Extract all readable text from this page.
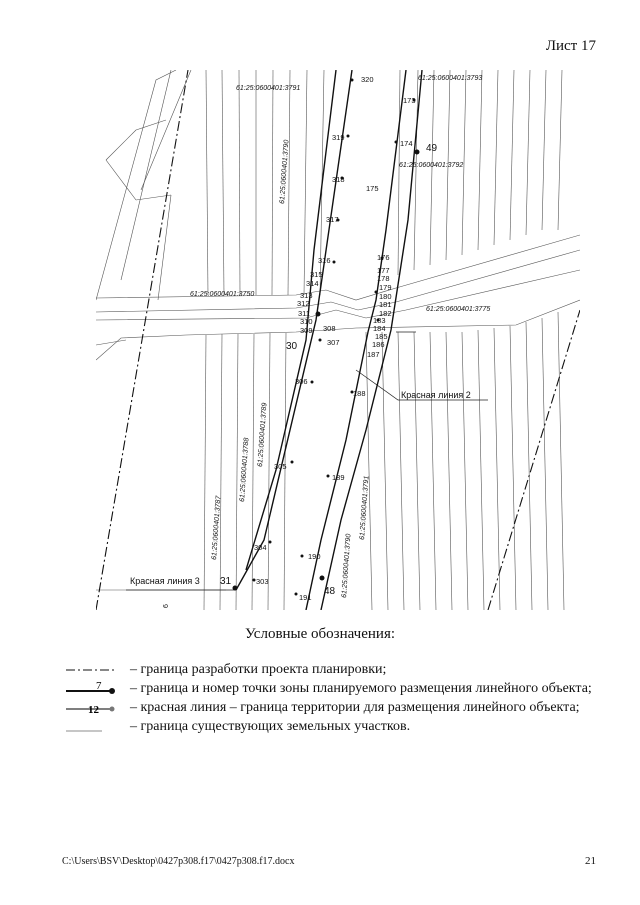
Лист 17
61:25:0600401:3791
61:25:0600401:3793
61:25:0600401:3790	61:25:0600401:3792
61:25:0600401:3750
61:25:0600401:3775
61:25:0600401:3789
61:25:0600401:3788
61:25:0600401:3787	61:25:0600401:3791
61:25:0600401:3790
320
319
318
317
316
315
314
313
312
311
310
309 308
307
306
305
304
303
173
174
175
176
177
178
179
180
181
182
183
184
185
186
187
188
189
190
191
49
30
31
48
Красная линия 2
Красная линия 3
6
Условные обозначения:
– граница разработки проекта планировки;
7 – граница и номер точки зоны планируемого размещения линейного объекта;
12 – красная линия – граница территории для размещения линейного объекта;
– граница существующих земельных участков.
C:\Users\BSV\Desktop\0427p308.f17\0427p308.f17.docx	21
